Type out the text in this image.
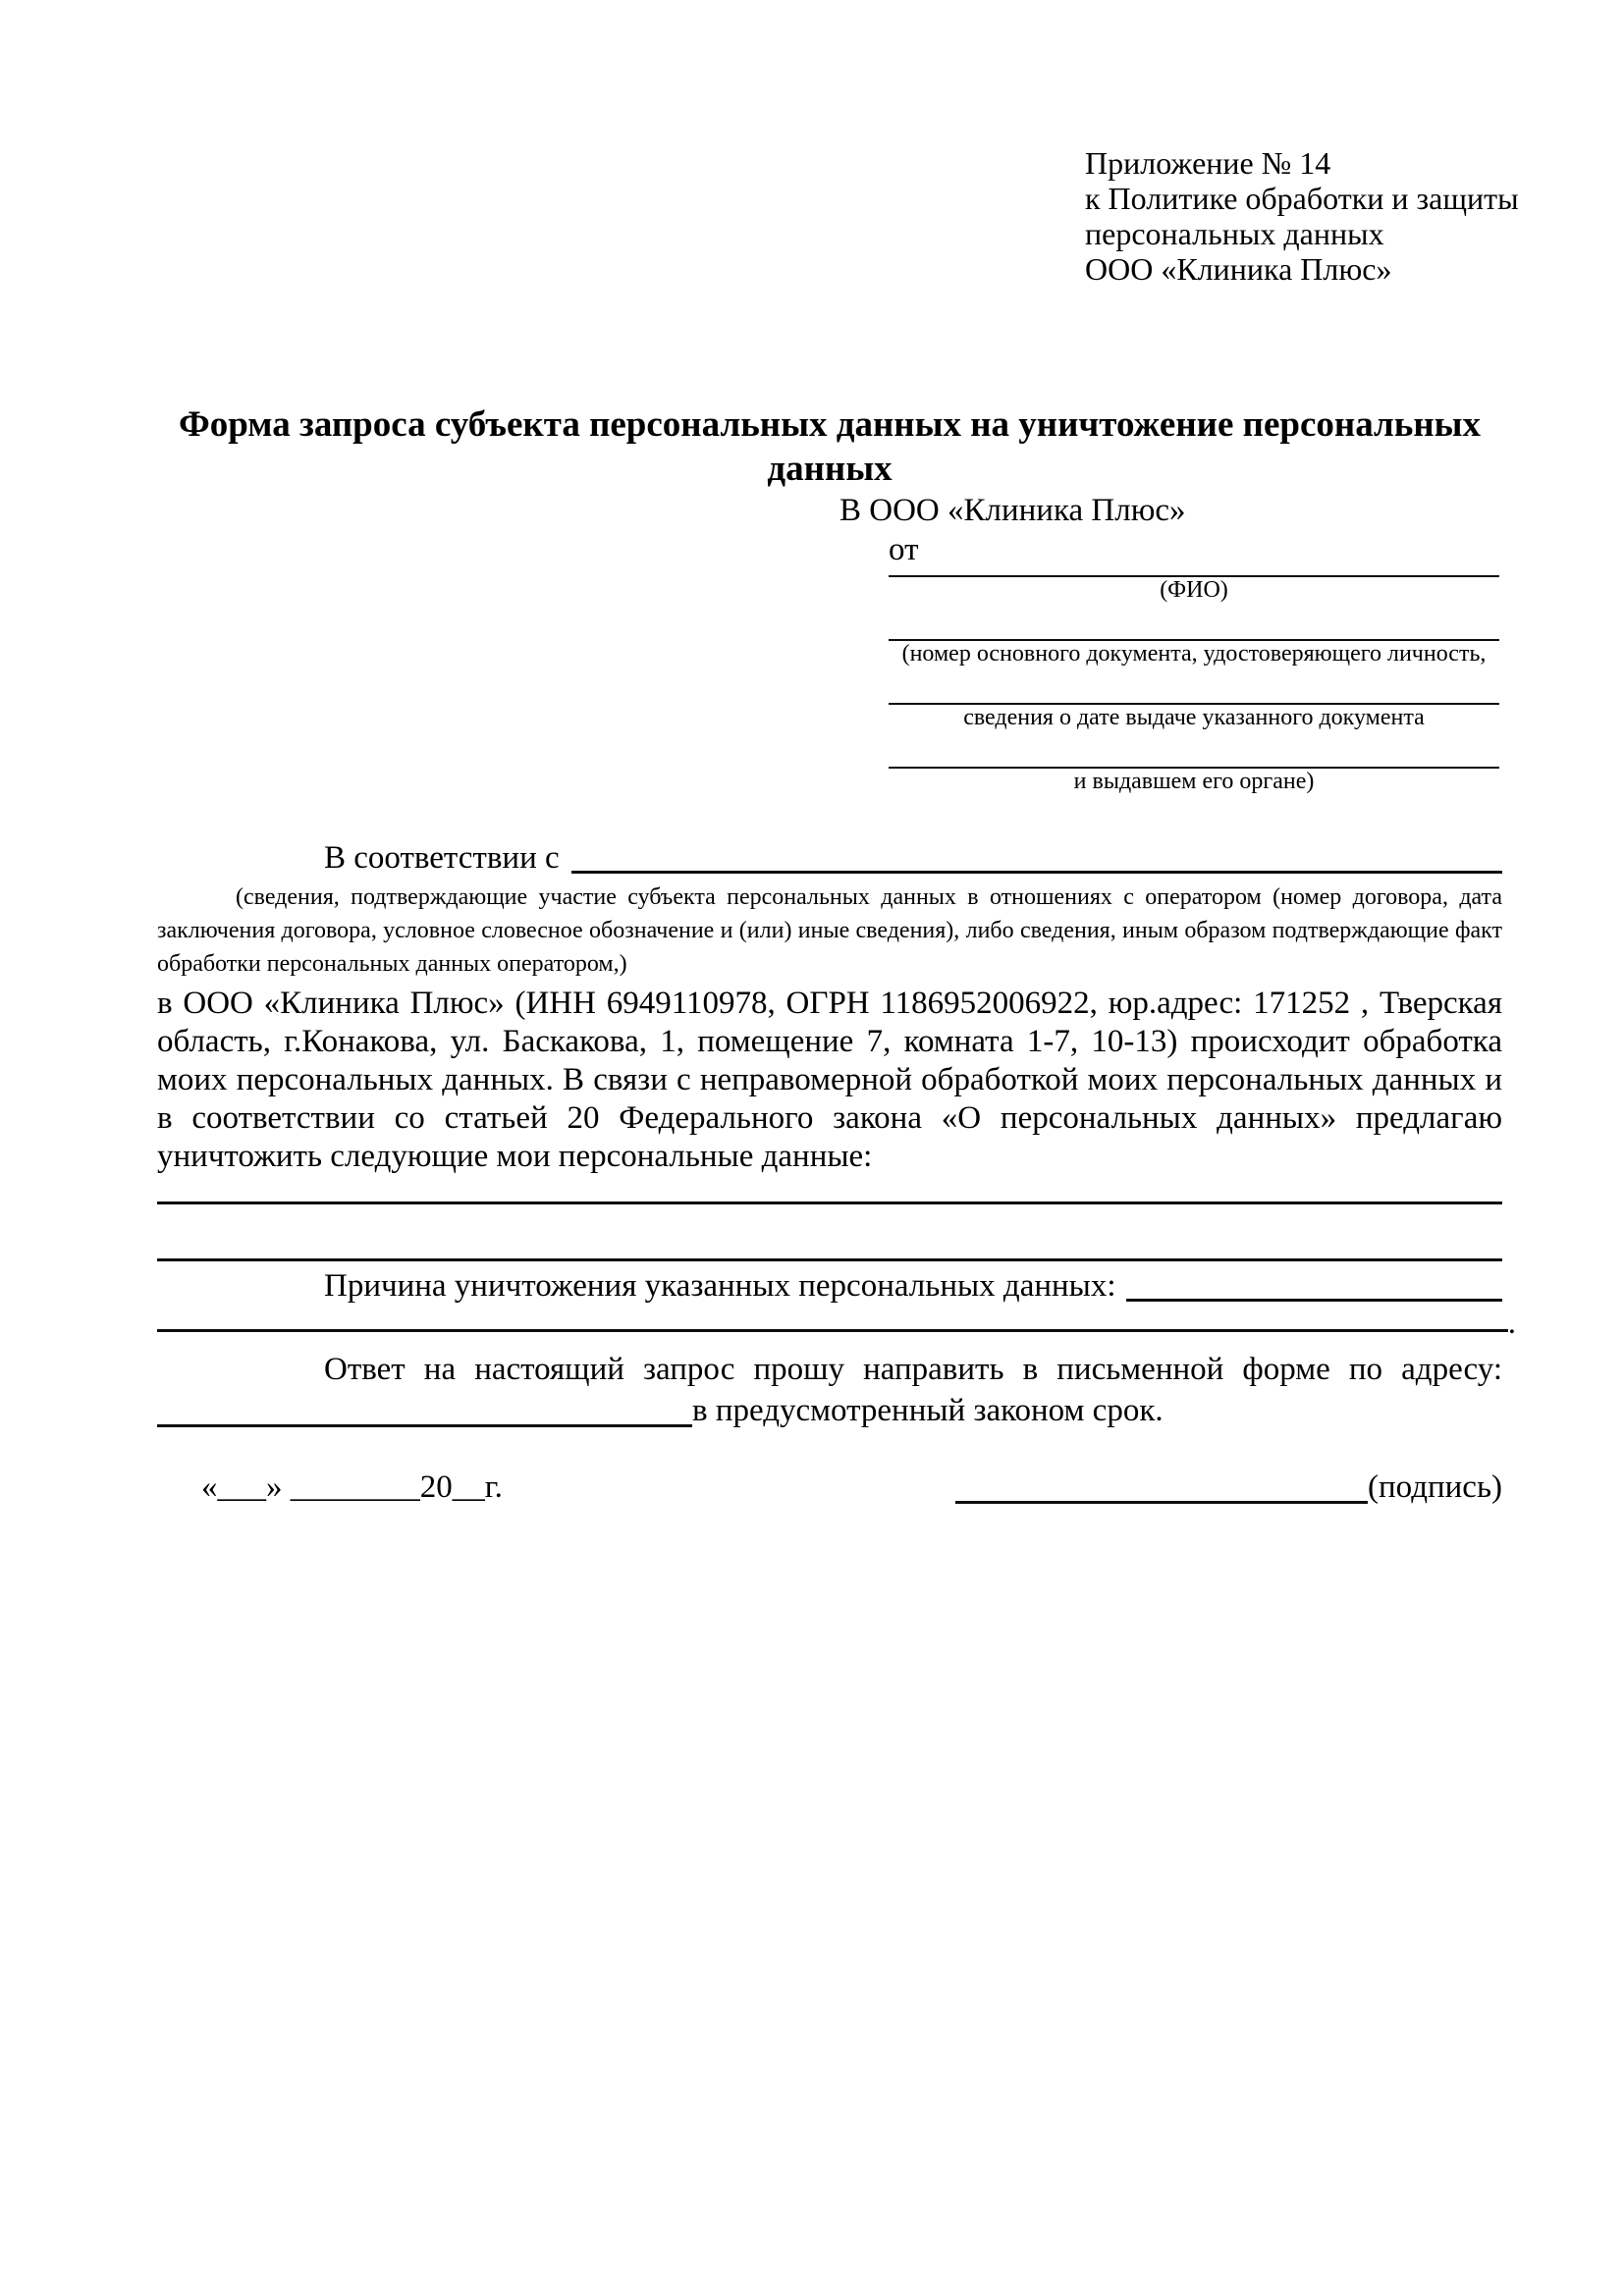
Приложение № 14
к Политике обработки и защиты
персональных данных
ООО «Клиника Плюс»
Форма запроса субъекта персональных данных на уничтожение персональных данных
В ООО «Клиника Плюс»
от
(ФИО)
(номер основного документа, удостоверяющего личность,
сведения о дате выдаче указанного документа
и выдавшем его органе)
В соответствии с
(сведения, подтверждающие участие субъекта персональных данных в отношениях с оператором (номер договора, дата заключения договора, условное словесное обозначение и (или) иные сведения), либо сведения, иным образом подтверждающие факт обработки персональных данных оператором,)
в ООО «Клиника Плюс» (ИНН 6949110978, ОГРН 1186952006922, юр.адрес: 171252 , Тверская область, г.Конакова, ул. Баскакова, 1, помещение 7, комната 1-7, 10-13) происходит обработка моих персональных данных. В связи с неправомерной обработкой моих персональных данных и в соответствии со статьей 20 Федерального закона «О персональных данных» предлагаю уничтожить следующие мои персональные данные:
Причина уничтожения указанных персональных данных:
.
Ответ на настоящий запрос прошу направить в письменной форме по адресу:
в предусмотренный законом срок.
«___» ________20__г.	(подпись)
